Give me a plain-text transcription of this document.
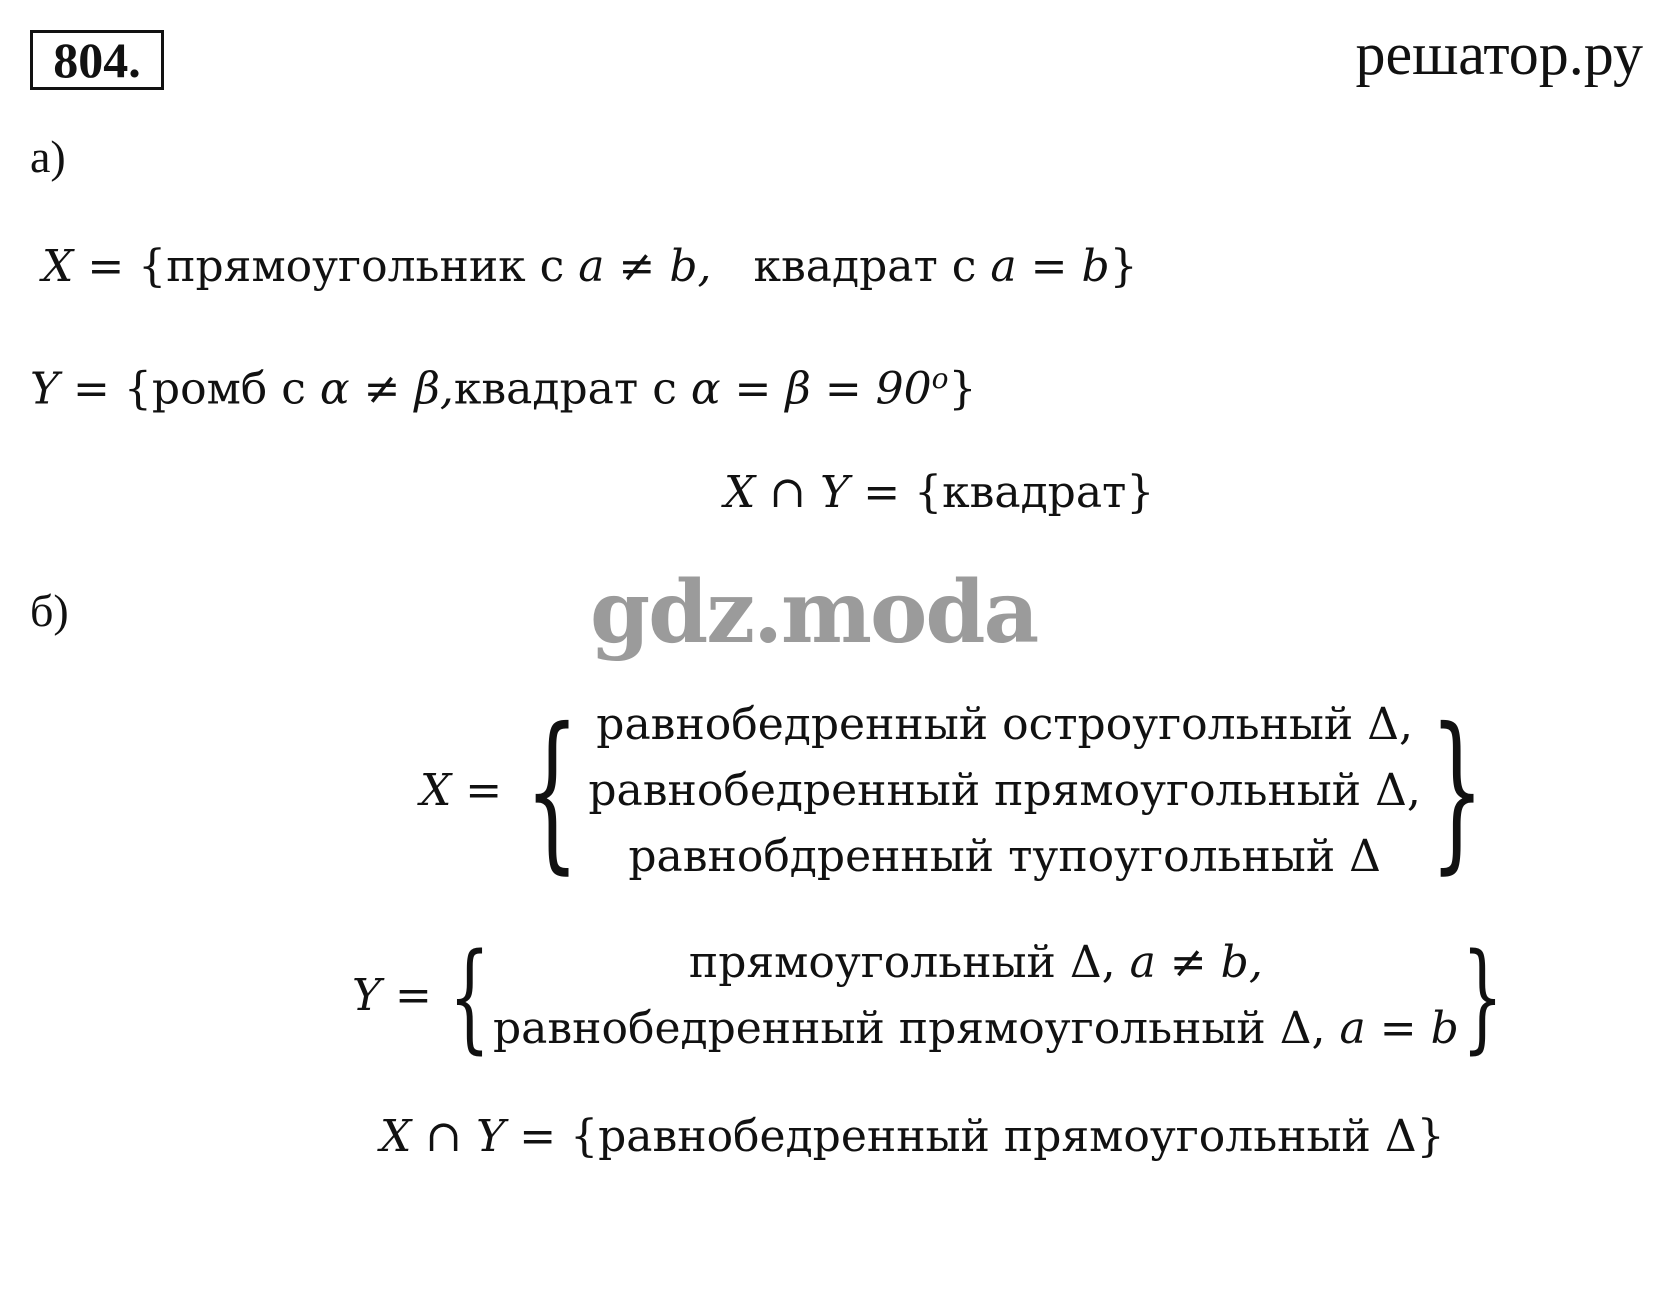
804.	решатор.ру
а)
X = {прямоугольник с a ≠ b, квадрат с a = b}
Y = {ромб с α ≠ β,квадрат с $\alpha = \beta = 90^o$}
X ∩ Y = {квадрат}
gdz.moda
б)
X = { равнобедренный остроугольный Δ,
равнобедренный прямоугольный Δ,
равнобдренный тупоугольный Δ }
Y = {	прямоугольный Δ, a ≠ b,
равнобедренный прямоугольный Δ, a = b }
X ∩ Y = {равнобедренный прямоугольный Δ}
